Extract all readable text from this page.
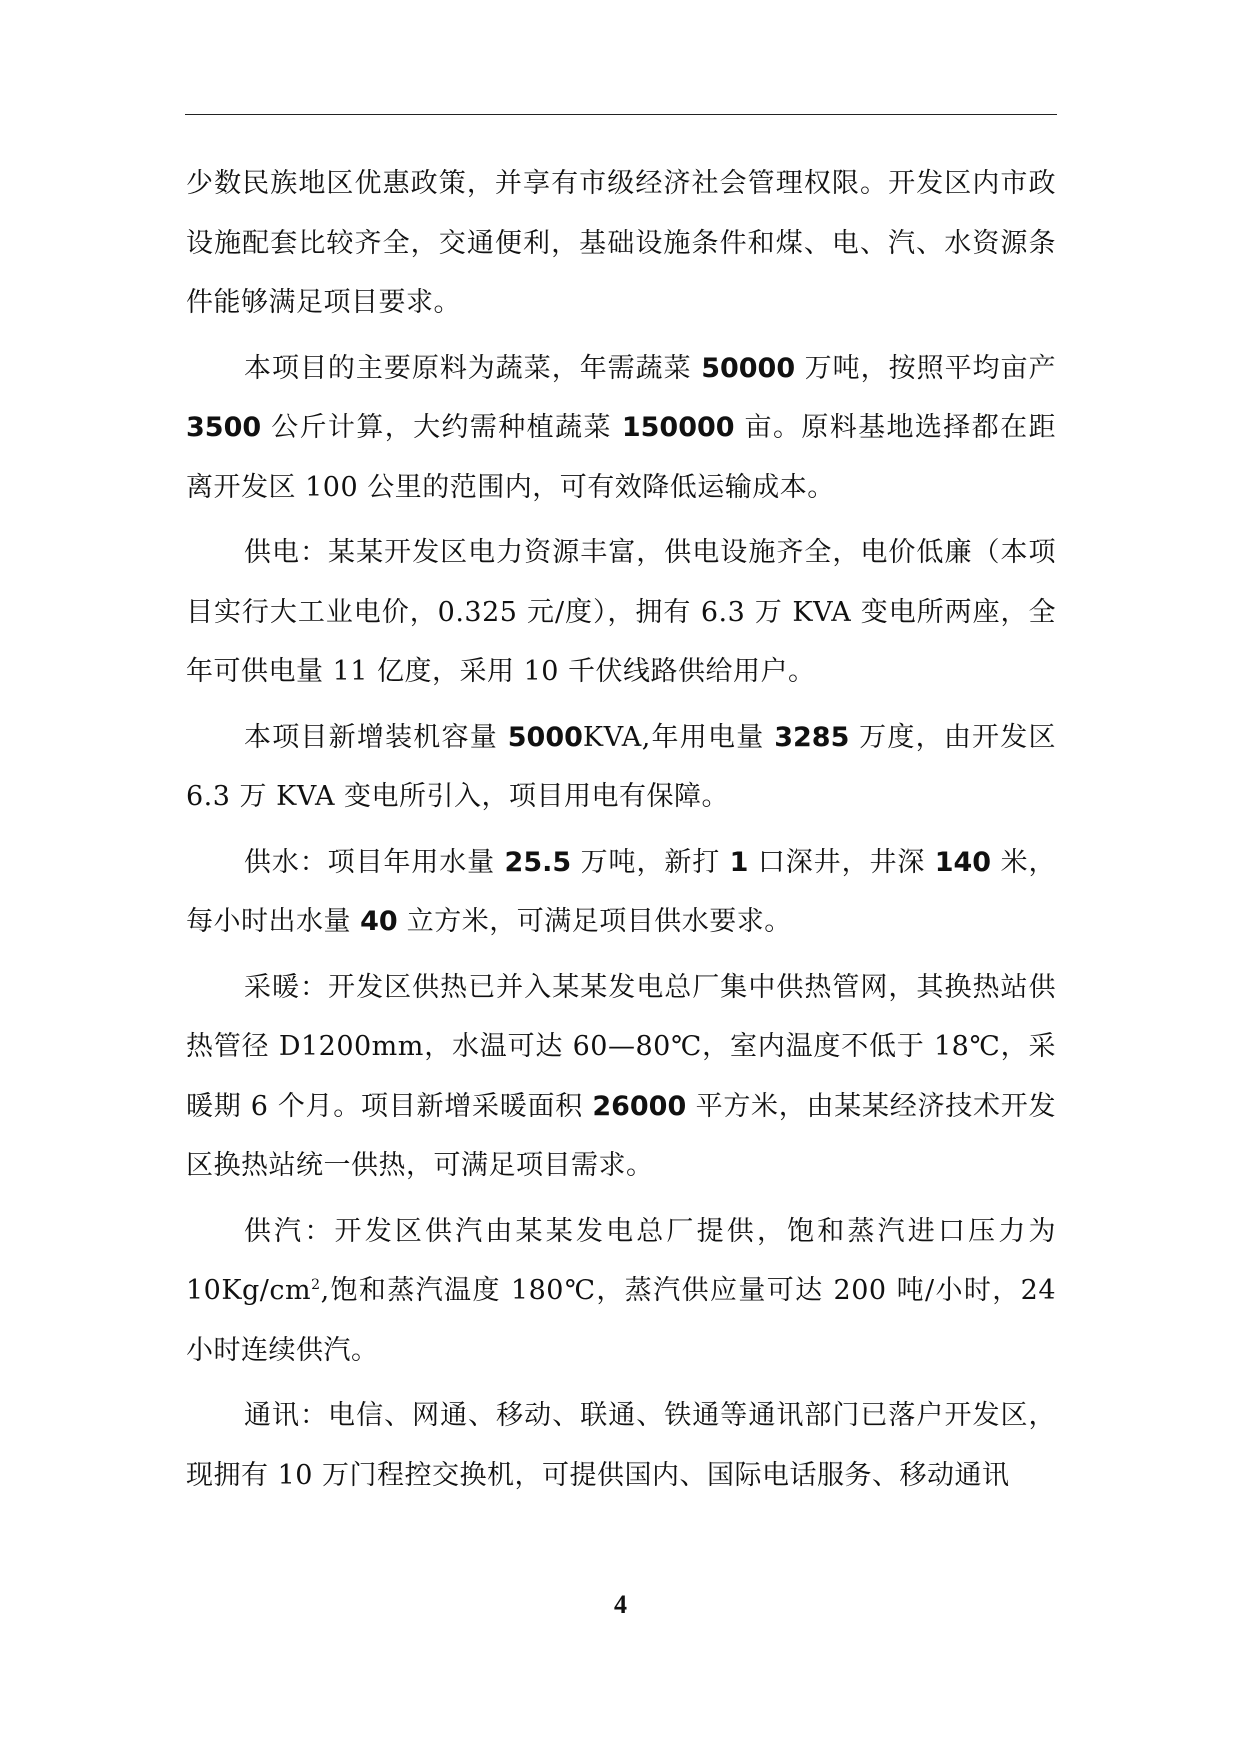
少数民族地区优惠政策，并享有市级经济社会管理权限。开发区内市政设施配套比较齐全，交通便利，基础设施条件和煤、电、汽、水资源条件能够满足项目要求。

本项目的主要原料为蔬菜，年需蔬菜 50000 万吨，按照平均亩产 3500 公斤计算，大约需种植蔬菜 150000 亩。原料基地选择都在距离开发区 100 公里的范围内，可有效降低运输成本。

供电：某某开发区电力资源丰富，供电设施齐全，电价低廉（本项目实行大工业电价，0.325 元/度），拥有 6.3 万 KVA 变电所两座，全年可供电量 11 亿度，采用 10 千伏线路供给用户。

本项目新增装机容量 5000KVA,年用电量 3285 万度，由开发区 6.3 万 KVA 变电所引入，项目用电有保障。

供水：项目年用水量 25.5 万吨，新打 1 口深井，井深 140 米，每小时出水量 40 立方米，可满足项目供水要求。

采暖：开发区供热已并入某某发电总厂集中供热管网，其换热站供热管径 D1200mm，水温可达 60—80℃，室内温度不低于 18℃，采暖期 6 个月。项目新增采暖面积 26000 平方米，由某某经济技术开发区换热站统一供热，可满足项目需求。

供汽：开发区供汽由某某发电总厂提供，饱和蒸汽进口压力为 $10Kg/cm^2$,饱和蒸汽温度 180℃，蒸汽供应量可达 200 吨/小时，24 小时连续供汽。

通讯：电信、网通、移动、联通、铁通等通讯部门已落户开发区，现拥有 10 万门程控交换机，可提供国内、国际电话服务、移动通讯

4
